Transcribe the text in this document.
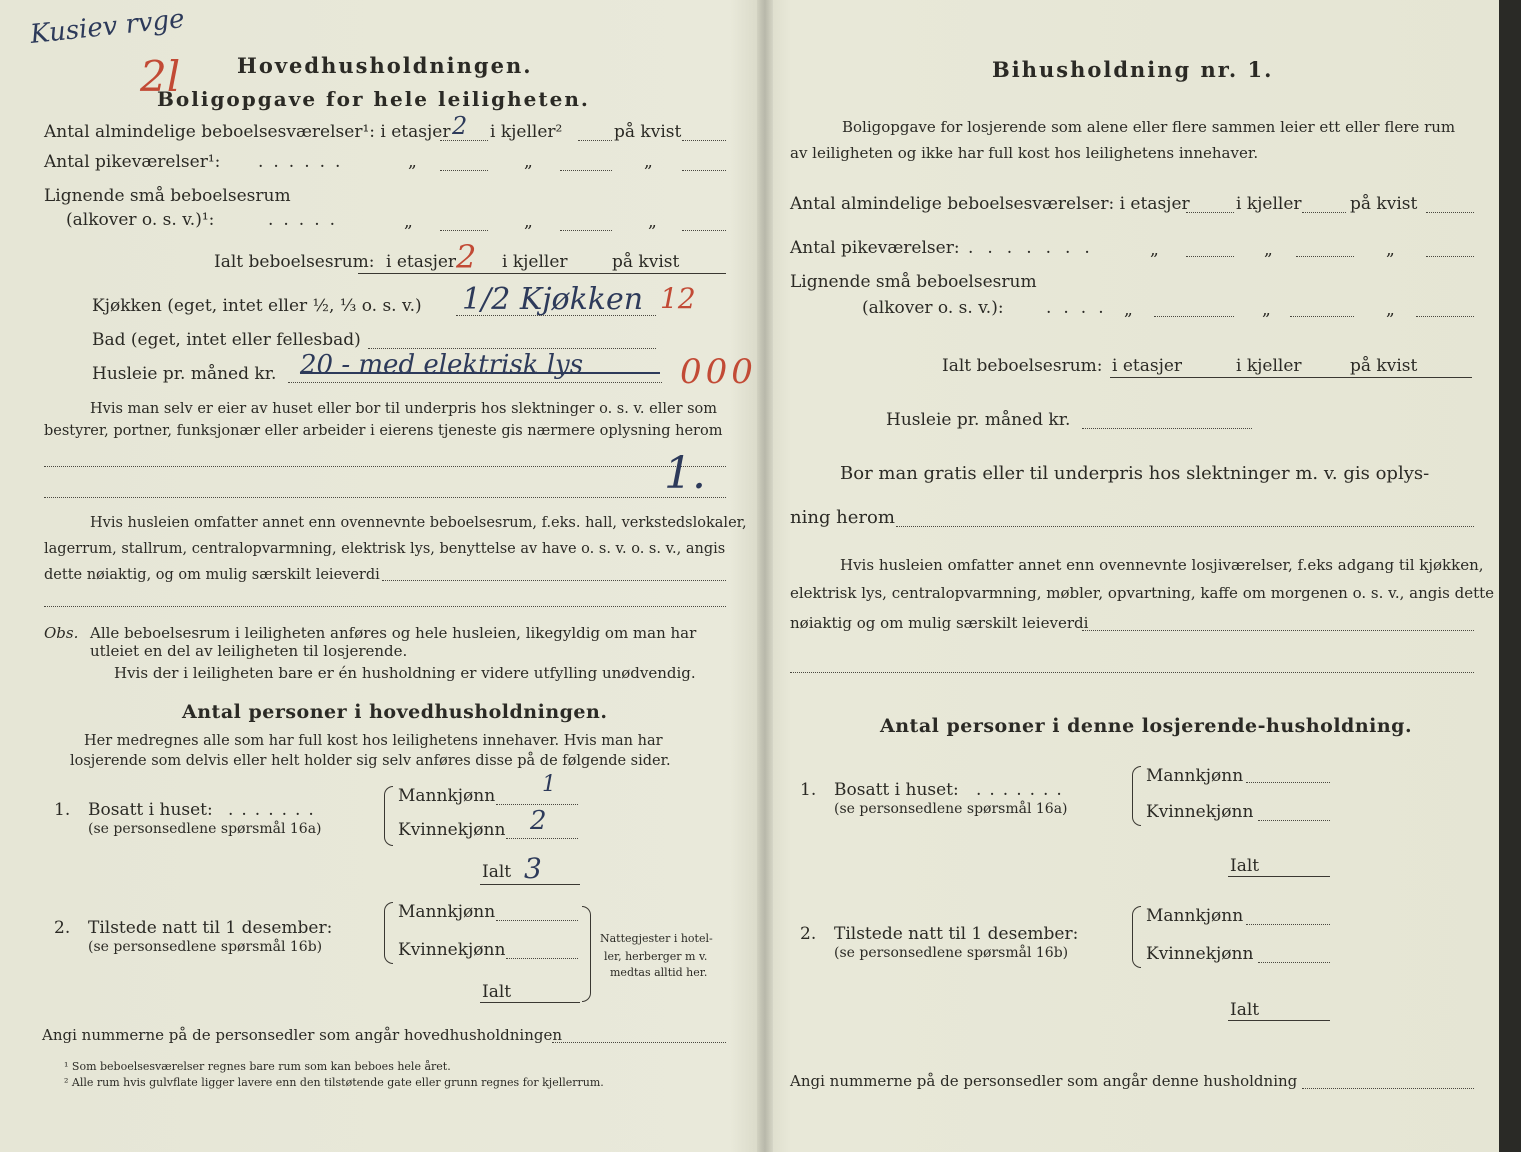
Kusiev rvge
2l	Hovedhusholdningen.
Boligopgave for hele leiligheten.
Antal almindelige beboelsesværelser¹: i etasjer 2 i kjeller²	på kvist
Antal pikeværelser¹: ......	„	„	„
Lignende små beboelsesrum
(alkover o. s. v.)¹:	.....	„	„	„
Ialt beboelsesrum: i etasjer 2 i kjeller	på kvist
Kjøkken (eget, intet eller ½, ⅓ o. s. v.) 1/2 Kjøkken 12
Bad (eget, intet eller fellesbad)
Husleie pr. måned kr. 20 - med elektrisk lys	000
Hvis man selv er eier av huset eller bor til underpris hos slektninger o. s. v. eller som
bestyrer, portner, funksjonær eller arbeider i eierens tjeneste gis nærmere oplysning herom
1.
Hvis husleien omfatter annet enn ovennevnte beboelsesrum, f.eks. hall, verkstedslokaler,
lagerrum, stallrum, centralopvarmning, elektrisk lys, benyttelse av have o. s. v. o. s. v., angis
dette nøiaktig, og om mulig særskilt leieverdi
Obs. Alle beboelsesrum i leiligheten anføres og hele husleien, likegyldig om man har
utleiet en del av leiligheten til losjerende.
Hvis der i leiligheten bare er én husholdning er videre utfylling unødvendig.
Antal personer i hovedhusholdningen.
Her medregnes alle som har full kost hos leilighetens innehaver. Hvis man har
losjerende som delvis eller helt holder sig selv anføres disse på de følgende sider.
1. Bosatt i huset: .......
(se personsedlene spørsmål 16a)
Mannkjønn 1
Kvinnekjønn 2
Ialt 3
2. Tilstede natt til 1 desember:
(se personsedlene spørsmål 16b)
Mannkjønn
Kvinnekjønn
Ialt
Nattegjester i hotel-
ler, herberger m v.
medtas alltid her.
Angi nummerne på de personsedler som angår hovedhusholdningen
¹ Som beboelsesværelser regnes bare rum som kan beboes hele året.
² Alle rum hvis gulvflate ligger lavere enn den tilstøtende gate eller grunn regnes for kjellerrum.
Bihusholdning nr. 1.
Boligopgave for losjerende som alene eller flere sammen leier ett eller flere rum
av leiligheten og ikke har full kost hos leilighetens innehaver.
Antal almindelige beboelsesværelser: i etasjer	i kjeller	på kvist
Antal pikeværelser: .......	„	„	„
Lignende små beboelsesrum
(alkover o. s. v.): .... „	„	„
Ialt beboelsesrum: i etasjer	i kjeller	på kvist
Husleie pr. måned kr.
Bor man gratis eller til underpris hos slektninger m. v. gis oplys-
ning herom
Hvis husleien omfatter annet enn ovennevnte losjiværelser, f.eks adgang til kjøkken,
elektrisk lys, centralopvarmning, møbler, opvartning, kaffe om morgenen o. s. v., angis dette
nøiaktig og om mulig særskilt leieverdi
Antal personer i denne losjerende-husholdning.
1. Bosatt i huset: .......
(se personsedlene spørsmål 16a)
Mannkjønn
Kvinnekjønn
Ialt
2. Tilstede natt til 1 desember:
(se personsedlene spørsmål 16b)
Mannkjønn
Kvinnekjønn
Ialt
Angi nummerne på de personsedler som angår denne husholdning
